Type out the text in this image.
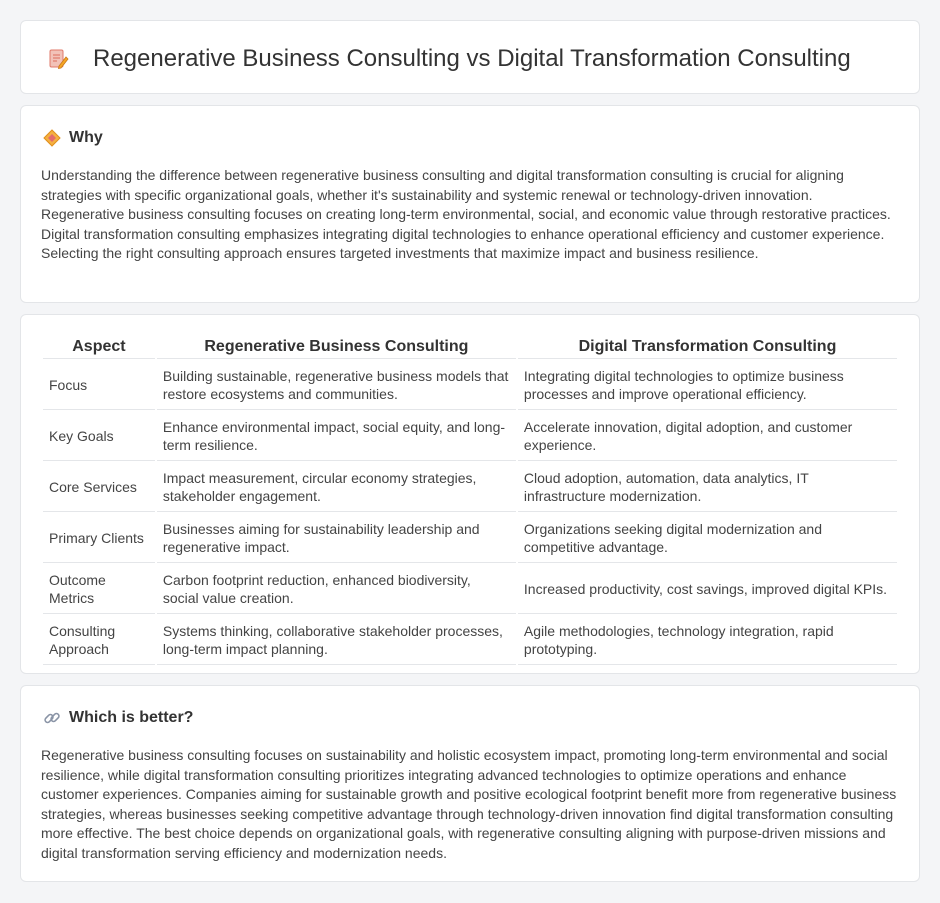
Regenerative Business Consulting vs Digital Transformation Consulting
Why

Understanding the difference between regenerative business consulting and digital transformation consulting is crucial for aligning strategies with specific organizational goals, whether it's sustainability and systemic renewal or technology-driven innovation. Regenerative business consulting focuses on creating long-term environmental, social, and economic value through restorative practices. Digital transformation consulting emphasizes integrating digital technologies to enhance operational efficiency and customer experience. Selecting the right consulting approach ensures targeted investments that maximize impact and business resilience.

Aspect	Regenerative Business Consulting	Digital Transformation Consulting
Focus	Building sustainable, regenerative business models that restore ecosystems and communities.	Integrating digital technologies to optimize business processes and improve operational efficiency.
Key Goals	Enhance environmental impact, social equity, and long-term resilience.	Accelerate innovation, digital adoption, and customer experience.
Core Services	Impact measurement, circular economy strategies, stakeholder engagement.	Cloud adoption, automation, data analytics, IT infrastructure modernization.
Primary Clients	Businesses aiming for sustainability leadership and regenerative impact.	Organizations seeking digital modernization and competitive advantage.
Outcome Metrics	Carbon footprint reduction, enhanced biodiversity, social value creation.	Increased productivity, cost savings, improved digital KPIs.
Consulting Approach	Systems thinking, collaborative stakeholder processes, long-term impact planning.	Agile methodologies, technology integration, rapid prototyping.
Which is better?

Regenerative business consulting focuses on sustainability and holistic ecosystem impact, promoting long-term environmental and social resilience, while digital transformation consulting prioritizes integrating advanced technologies to optimize operations and enhance customer experiences. Companies aiming for sustainable growth and positive ecological footprint benefit more from regenerative business strategies, whereas businesses seeking competitive advantage through technology-driven innovation find digital transformation consulting more effective. The best choice depends on organizational goals, with regenerative consulting aligning with purpose-driven missions and digital transformation serving efficiency and modernization needs.
